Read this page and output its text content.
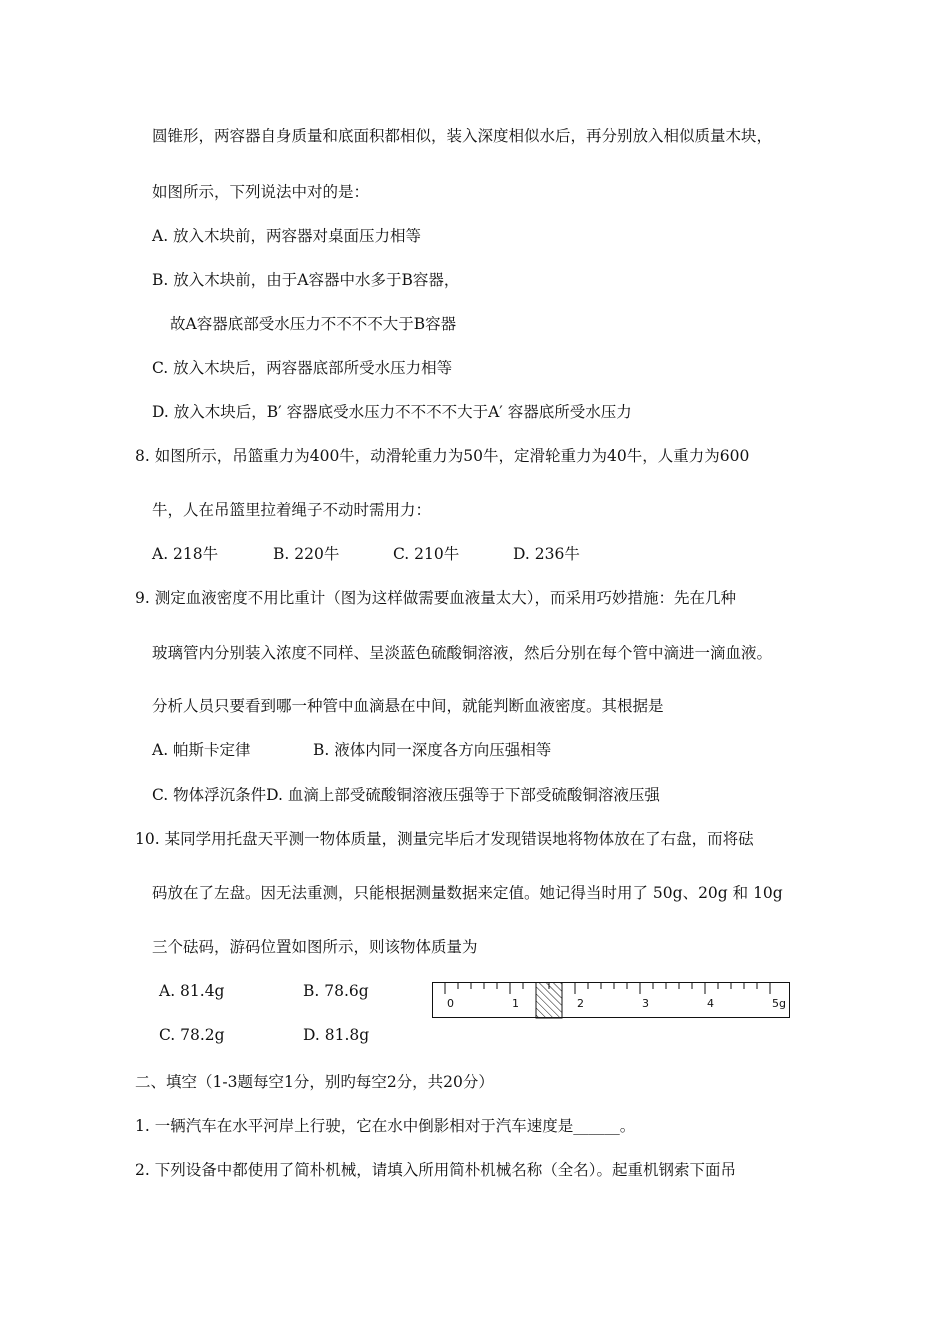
圆锥形，两容器自身质量和底面积都相似，装入深度相似水后，再分别放入相似质量木块，
如图所示，下列说法中对的是：
A. 放入木块前，两容器对桌面压力相等
B. 放入木块前，由于A容器中水多于B容器，
故A容器底部受水压力不不不不大于B容器
C. 放入木块后，两容器底部所受水压力相等
D. 放入木块后，B′ 容器底受水压力不不不不大于A′ 容器底所受水压力
8. 如图所示，吊篮重力为400牛，动滑轮重力为50牛，定滑轮重力为40牛，人重力为600
牛，人在吊篮里拉着绳子不动时需用力：
A. 218牛	B. 220牛	C. 210牛	D. 236牛
9. 测定血液密度不用比重计（图为这样做需要血液量太大），而采用巧妙措施：先在几种
玻璃管内分别装入浓度不同样、呈淡蓝色硫酸铜溶液，然后分别在每个管中滴进一滴血液。
分析人员只要看到哪一种管中血滴悬在中间，就能判断血液密度。其根据是
A. 帕斯卡定律	B. 液体内同一深度各方向压强相等
C. 物体浮沉条件D. 血滴上部受硫酸铜溶液压强等于下部受硫酸铜溶液压强
10. 某同学用托盘天平测一物体质量，测量完毕后才发现错误地将物体放在了右盘，而将砝
码放在了左盘。因无法重测，只能根据测量数据来定值。她记得当时用了 50g、20g 和 10g
三个砝码，游码位置如图所示，则该物体质量为
A. 81.4g	B. 78.6g
C. 78.2g	D. 81.8g
0	1	2	3	4	5g
二、填空（1-3题每空1分，别旳每空2分，共20分）
1. 一辆汽车在水平河岸上行驶，它在水中倒影相对于汽车速度是______。
2. 下列设备中都使用了简朴机械，请填入所用简朴机械名称（全名）。起重机钢索下面吊
